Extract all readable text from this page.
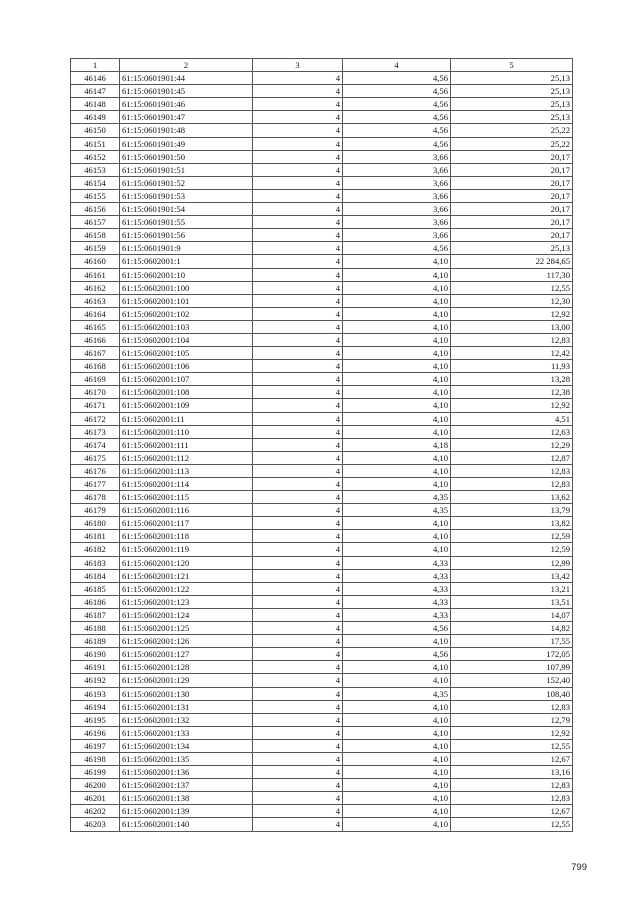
1	2	3	4	5
46146	61:15:0601901:44	4	4,56	25,13
46147	61:15:0601901:45	4	4,56	25,13
46148	61:15:0601901:46	4	4,56	25,13
46149	61:15:0601901:47	4	4,56	25,13
46150	61:15:0601901:48	4	4,56	25,22
46151	61:15:0601901:49	4	4,56	25,22
46152	61:15:0601901:50	4	3,66	20,17
46153	61:15:0601901:51	4	3,66	20,17
46154	61:15:0601901:52	4	3,66	20,17
46155	61:15:0601901:53	4	3,66	20,17
46156	61:15:0601901:54	4	3,66	20,17
46157	61:15:0601901:55	4	3,66	20,17
46158	61:15:0601901:56	4	3,66	20,17
46159	61:15:0601901:9	4	4,56	25,13
46160	61:15:0602001:1	4	4,10	22 284,65
46161	61:15:0602001:10	4	4,10	117,30
46162	61:15:0602001:100	4	4,10	12,55
46163	61:15:0602001:101	4	4,10	12,30
46164	61:15:0602001:102	4	4,10	12,92
46165	61:15:0602001:103	4	4,10	13,00
46166	61:15:0602001:104	4	4,10	12,83
46167	61:15:0602001:105	4	4,10	12,42
46168	61:15:0602001:106	4	4,10	11,93
46169	61:15:0602001:107	4	4,10	13,28
46170	61:15:0602001:108	4	4,10	12,38
46171	61:15:0602001:109	4	4,10	12,92
46172	61:15:0602001:11	4	4,10	4,51
46173	61:15:0602001:110	4	4,10	12,63
46174	61:15:0602001:111	4	4,18	12,29
46175	61:15:0602001:112	4	4,10	12,87
46176	61:15:0602001:113	4	4,10	12,83
46177	61:15:0602001:114	4	4,10	12,83
46178	61:15:0602001:115	4	4,35	13,62
46179	61:15:0602001:116	4	4,35	13,79
46180	61:15:0602001:117	4	4,10	13,82
46181	61:15:0602001:118	4	4,10	12,59
46182	61:15:0602001:119	4	4,10	12,59
46183	61:15:0602001:120	4	4,33	12,99
46184	61:15:0602001:121	4	4,33	13,42
46185	61:15:0602001:122	4	4,33	13,21
46186	61:15:0602001:123	4	4,33	13,51
46187	61:15:0602001:124	4	4,33	14,07
46188	61:15:0602001:125	4	4,56	14,82
46189	61:15:0602001:126	4	4,10	17,55
46190	61:15:0602001:127	4	4,56	172,05
46191	61:15:0602001:128	4	4,10	107,99
46192	61:15:0602001:129	4	4,10	152,40
46193	61:15:0602001:130	4	4,35	108,40
46194	61:15:0602001:131	4	4,10	12,83
46195	61:15:0602001:132	4	4,10	12,79
46196	61:15:0602001:133	4	4,10	12,92
46197	61:15:0602001:134	4	4,10	12,55
46198	61:15:0602001:135	4	4,10	12,67
46199	61:15:0602001:136	4	4,10	13,16
46200	61:15:0602001:137	4	4,10	12,83
46201	61:15:0602001:138	4	4,10	12,83
46202	61:15:0602001:139	4	4,10	12,67
46203	61:15:0602001:140	4	4,10	12,55
799
